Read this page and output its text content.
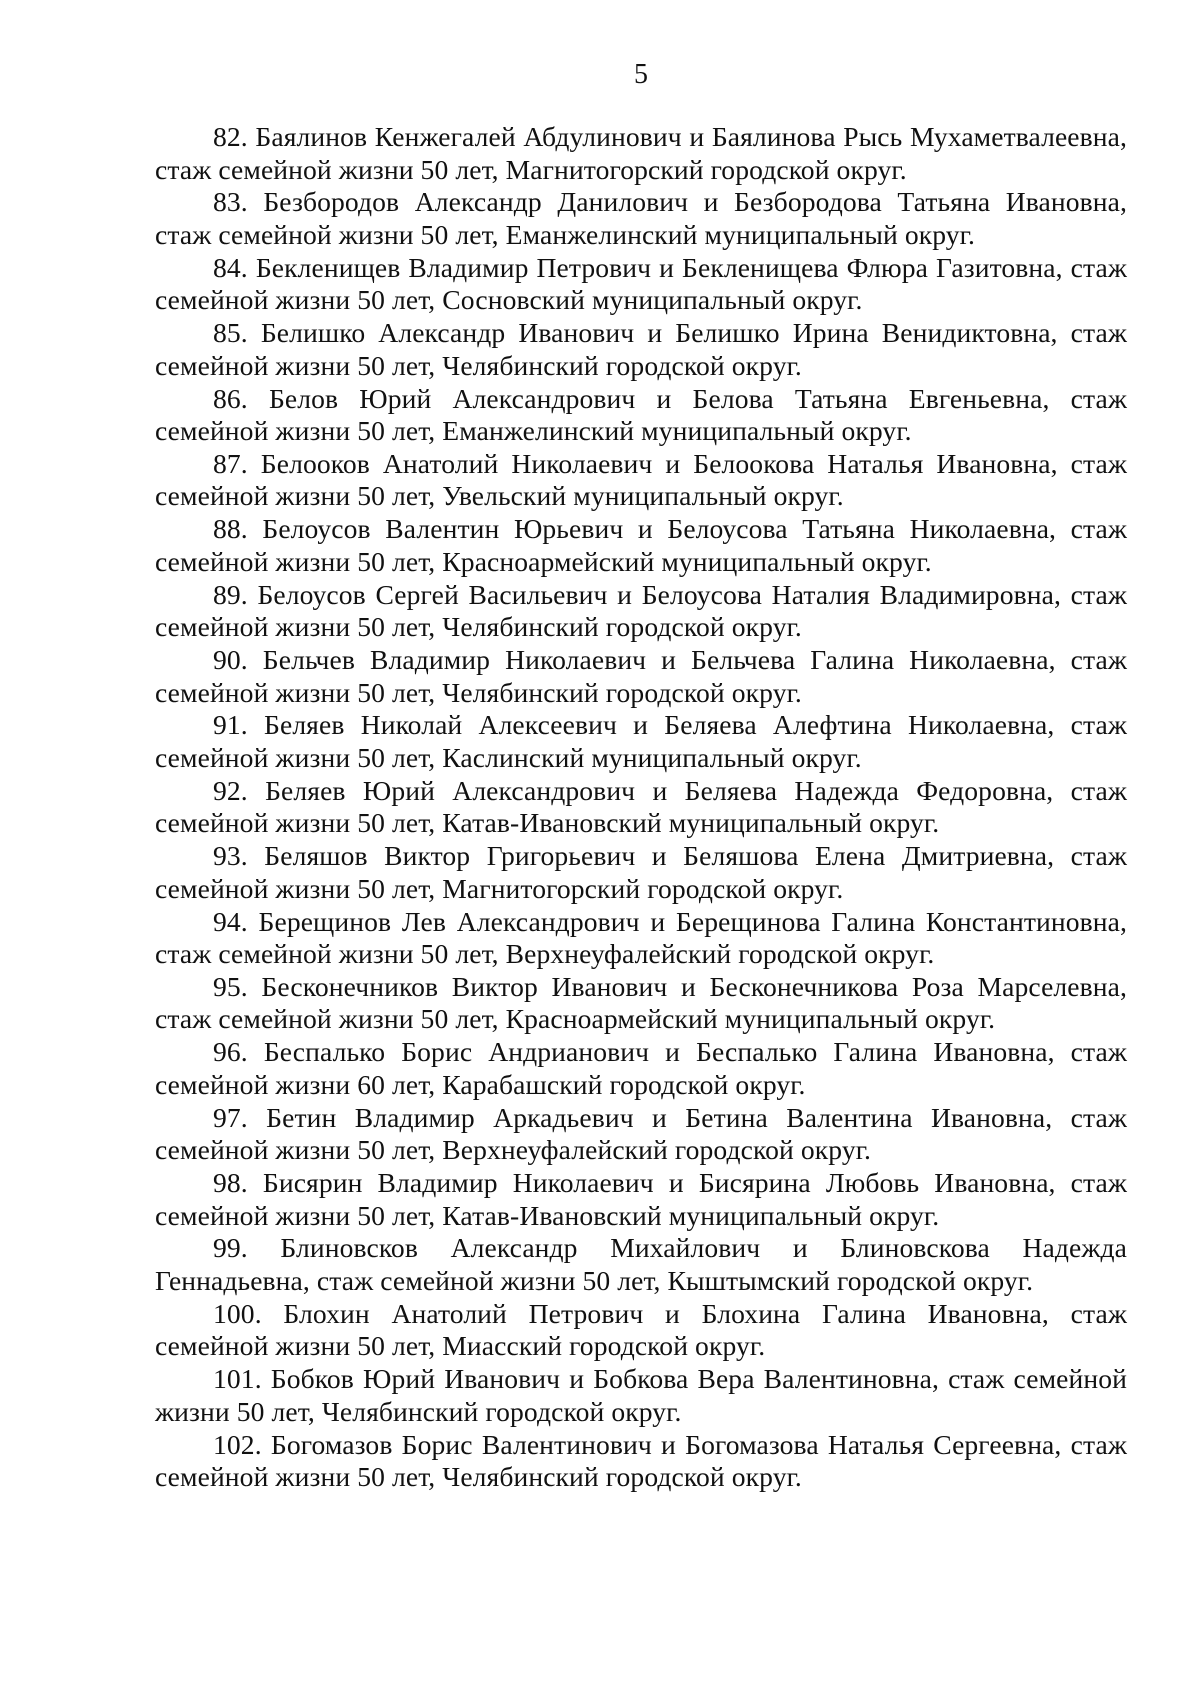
5

82. Баялинов Кенжегалей Абдулинович и Баялинова Рысь Мухаметвалеевна, стаж семейной жизни 50 лет, Магнитогорский городской округ.

83. Безбородов Александр Данилович и Безбородова Татьяна Ивановна, стаж семейной жизни 50 лет, Еманжелинский муниципальный округ.

84. Бекленищев Владимир Петрович и Бекленищева Флюра Газитовна, стаж семейной жизни 50 лет, Сосновский муниципальный округ.

85. Белишко Александр Иванович и Белишко Ирина Венидиктовна, стаж семейной жизни 50 лет, Челябинский городской округ.

86. Белов Юрий Александрович и Белова Татьяна Евгеньевна, стаж семейной жизни 50 лет, Еманжелинский муниципальный округ.

87. Белооков Анатолий Николаевич и Белоокова Наталья Ивановна, стаж семейной жизни 50 лет, Увельский муниципальный округ.

88. Белоусов Валентин Юрьевич и Белоусова Татьяна Николаевна, стаж семейной жизни 50 лет, Красноармейский муниципальный округ.

89. Белоусов Сергей Васильевич и Белоусова Наталия Владимировна, стаж семейной жизни 50 лет, Челябинский городской округ.

90. Бельчев Владимир Николаевич и Бельчева Галина Николаевна, стаж семейной жизни 50 лет, Челябинский городской округ.

91. Беляев Николай Алексеевич и Беляева Алефтина Николаевна, стаж семейной жизни 50 лет, Каслинский муниципальный округ.

92. Беляев Юрий Александрович и Беляева Надежда Федоровна, стаж семейной жизни 50 лет, Катав-Ивановский муниципальный округ.

93. Беляшов Виктор Григорьевич и Беляшова Елена Дмитриевна, стаж семейной жизни 50 лет, Магнитогорский городской округ.

94. Берещинов Лев Александрович и Берещинова Галина Константиновна, стаж семейной жизни 50 лет, Верхнеуфалейский городской округ.

95. Бесконечников Виктор Иванович и Бесконечникова Роза Марселевна, стаж семейной жизни 50 лет, Красноармейский муниципальный округ.

96. Беспалько Борис Андрианович и Беспалько Галина Ивановна, стаж семейной жизни 60 лет, Карабашский городской округ.

97. Бетин Владимир Аркадьевич и Бетина Валентина Ивановна, стаж семейной жизни 50 лет, Верхнеуфалейский городской округ.

98. Бисярин Владимир Николаевич и Бисярина Любовь Ивановна, стаж семейной жизни 50 лет, Катав-Ивановский муниципальный округ.

99. Блиновсков Александр Михайлович и Блиновскова Надежда Геннадьевна, стаж семейной жизни 50 лет, Кыштымский городской округ.

100. Блохин Анатолий Петрович и Блохина Галина Ивановна, стаж семейной жизни 50 лет, Миасский городской округ.

101. Бобков Юрий Иванович и Бобкова Вера Валентиновна, стаж семейной жизни 50 лет, Челябинский городской округ.

102. Богомазов Борис Валентинович и Богомазова Наталья Сергеевна, стаж семейной жизни 50 лет, Челябинский городской округ.
